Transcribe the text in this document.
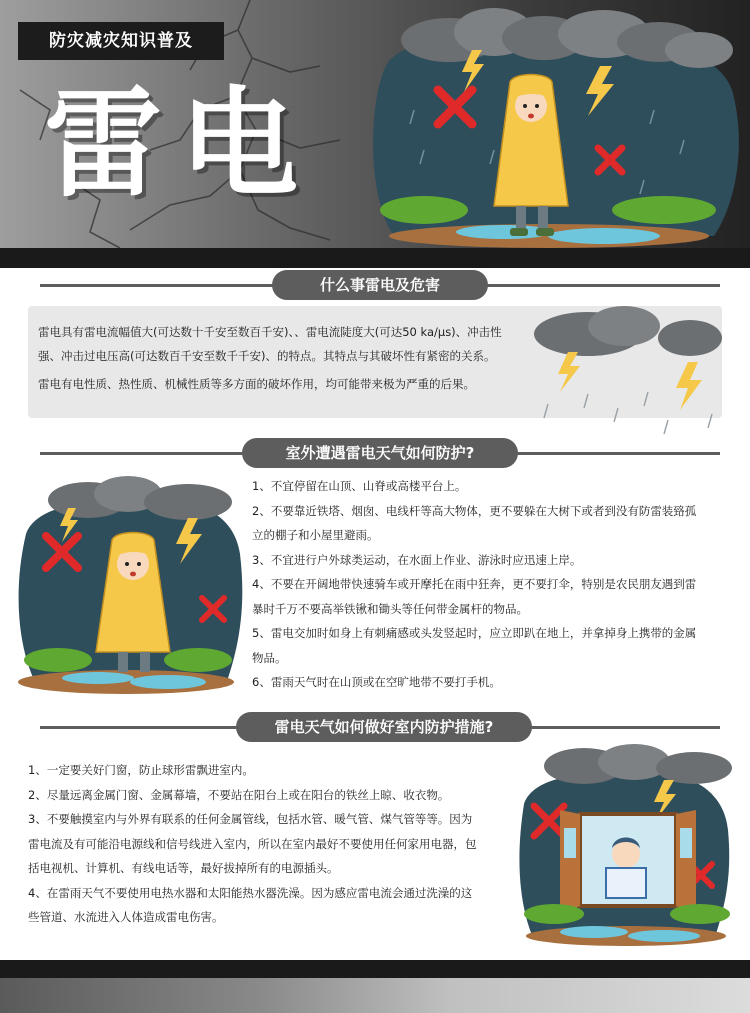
防灾减灾知识普及
雷电
什么事雷电及危害

雷电具有雷电流幅值大(可达数十千安至数百千安)、、雷电流陡度大(可达50 ka/μs)、冲击性

强、冲击过电压高(可达数百千安至数千千安)、的特点。其特点与其破坏性有紧密的关系。

雷电有电性质、热性质、机械性质等多方面的破坏作用，均可能带来极为严重的后果。

室外遭遇雷电天气如何防护?

1、不宜停留在山顶、山脊或高楼平台上。

2、不要靠近铁塔、烟囱、电线杆等高大物体，更不要躲在大树下或者到没有防雷装臵孤

立的棚子和小屋里避雨。

3、不宜进行户外球类运动，在水面上作业、游泳时应迅速上岸。

4、不要在开阔地带快速骑车或开摩托在雨中狂奔，更不要打伞，特别是农民朋友遇到雷

暴时千万不要高举铁锹和锄头等任何带金属杆的物品。

5、雷电交加时如身上有刺痛感或头发竖起时，应立即趴在地上，并拿掉身上携带的金属

物品。

6、雷雨天气时在山顶或在空旷地带不要打手机。

雷电天气如何做好室内防护措施?

1、一定要关好门窗，防止球形雷飘进室内。

2、尽量远离金属门窗、金属幕墙，不要站在阳台上或在阳台的铁丝上晾、收衣物。

3、不要触摸室内与外界有联系的任何金属管线，包括水管、暖气管、煤气管等等。因为

雷电流及有可能沿电源线和信号线进入室内，所以在室内最好不要使用任何家用电器，包

括电视机、计算机、有线电话等，最好拔掉所有的电源插头。

4、在雷雨天气不要使用电热水器和太阳能热水器洗澡。因为感应雷电流会通过洗澡的这

些管道、水流进入人体造成雷电伤害。
